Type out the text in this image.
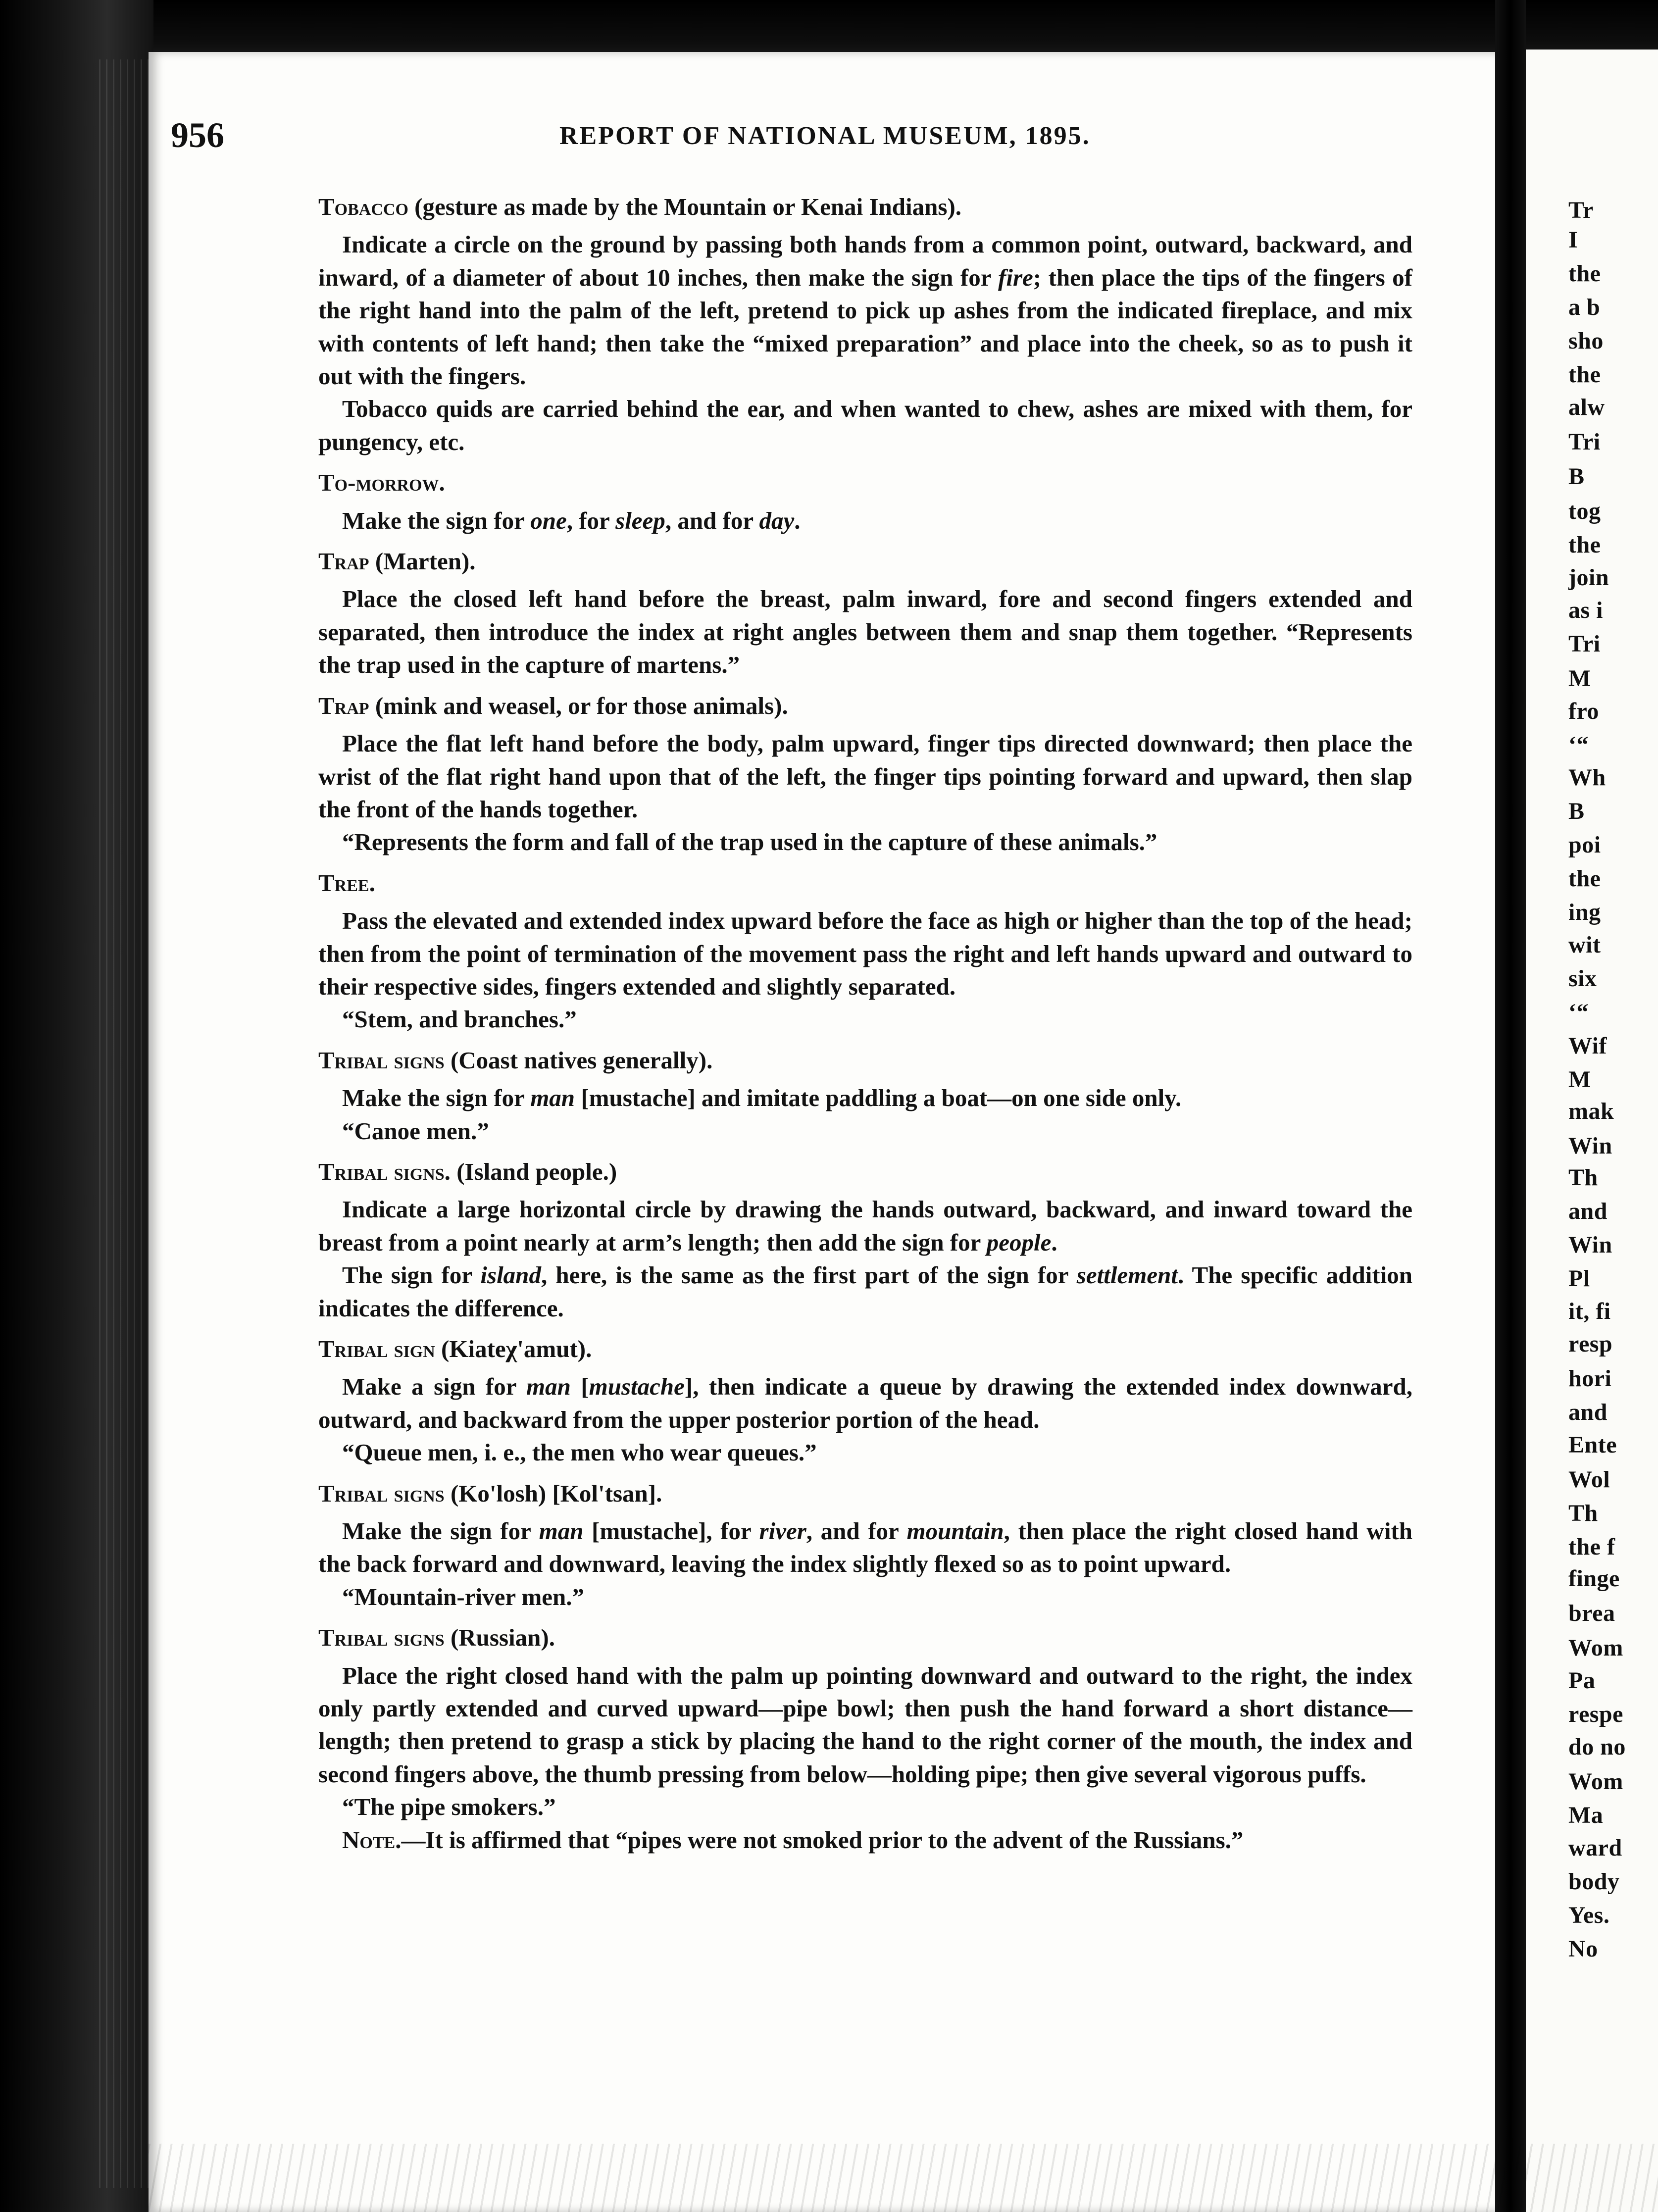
Tr
I
the
a b
sho
the
alw
Tri
B
tog
the
join
as i
Tri
M
fro
‘“
Wh
B
poi
the
ing
wit
six
‘“
Wif
M
mak
Win
Th
and
Win
Pl
it, fi
resp
hori
and
Ente
Wol
Th
the f
finge
brea
Wom
Pa
respe
do no
Wom
Ma
ward
body
Yes.
No
956	REPORT OF NATIONAL MUSEUM, 1895.

Tobacco (gesture as made by the Mountain or Kenai Indians).

Indicate a circle on the ground by passing both hands from a common point, outward, backward, and inward, of a diameter of about 10 inches, then make the sign for fire; then place the tips of the fingers of the right hand into the palm of the left, pretend to pick up ashes from the indicated fireplace, and mix with contents of left hand; then take the “mixed preparation” and place into the cheek, so as to push it out with the fingers.

Tobacco quids are carried behind the ear, and when wanted to chew, ashes are mixed with them, for pungency, etc.

To-morrow.

Make the sign for one, for sleep, and for day.

Trap (Marten).

Place the closed left hand before the breast, palm inward, fore and second fingers extended and separated, then introduce the index at right angles between them and snap them together. “Represents the trap used in the capture of martens.”

Trap (mink and weasel, or for those animals).

Place the flat left hand before the body, palm upward, finger tips directed downward; then place the wrist of the flat right hand upon that of the left, the finger tips pointing forward and upward, then slap the front of the hands together.

“Represents the form and fall of the trap used in the capture of these animals.”

Tree.

Pass the elevated and extended index upward before the face as high or higher than the top of the head; then from the point of termination of the movement pass the right and left hands upward and outward to their respective sides, fingers extended and slightly separated.

“Stem, and branches.”

Tribal signs (Coast natives generally).

Make the sign for man [mustache] and imitate paddling a boat—on one side only.

“Canoe men.”

Tribal signs. (Island people.)

Indicate a large horizontal circle by drawing the hands outward, backward, and inward toward the breast from a point nearly at arm’s length; then add the sign for people.

The sign for island, here, is the same as the first part of the sign for settlement. The specific addition indicates the difference.

Tribal sign (Kiateχ'amut).

Make a sign for man [mustache], then indicate a queue by drawing the extended index downward, outward, and backward from the upper posterior portion of the head.

“Queue men, i. e., the men who wear queues.”

Tribal signs (Ko'losh) [Kol'tsan].

Make the sign for man [mustache], for river, and for mountain, then place the right closed hand with the back forward and downward, leaving the index slightly flexed so as to point upward.

“Mountain-river men.”

Tribal signs (Russian).

Place the right closed hand with the palm up pointing downward and outward to the right, the index only partly extended and curved upward—pipe bowl; then push the hand forward a short distance—length; then pretend to grasp a stick by placing the hand to the right corner of the mouth, the index and second fingers above, the thumb pressing from below—holding pipe; then give several vigorous puffs.

“The pipe smokers.”

Note.—It is affirmed that “pipes were not smoked prior to the advent of the Russians.”
